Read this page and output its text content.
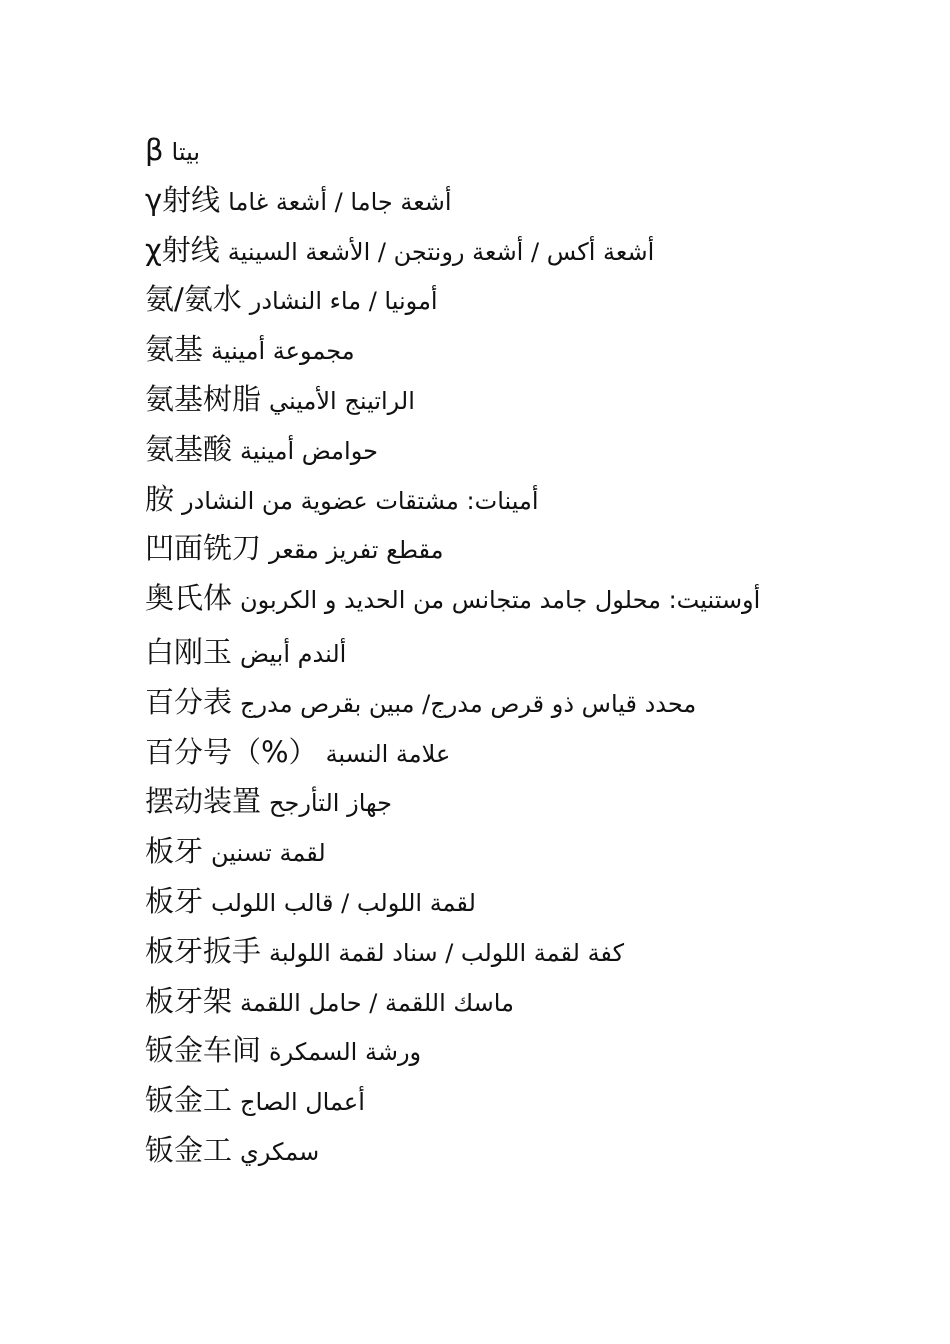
β بيتا
γ射线 أشعة جاما / أشعة غاما
χ射线 أشعة أكس / أشعة رونتجن / الأشعة السينية
氨/氨水 أمونيا / ماء النشادر
氨基 مجموعة أمينية
氨基树脂 الراتينج الأميني
氨基酸 حوامض أمينية
胺 أمينات: مشتقات عضوية من النشادر
凹面铣刀 مقطع تفريز مقعر
奥氏体 أوستنيت: محلول جامد متجانس من الحديد و الكربون
白刚玉 ألندم أبيض
百分表 محدد قياس ذو قرص مدرج/ مبين بقرص مدرج
百分号（%） علامة النسبة
摆动装置 جهاز التأرجح
板牙 لقمة تسنين
板牙 لقمة اللولب / قالب اللولب
板牙扳手 كفة لقمة اللولب / سناد لقمة اللولبة
板牙架 ماسك اللقمة / حامل اللقمة
钣金车间 ورشة السمكرة
钣金工 أعمال الصاج
钣金工 سمكري
